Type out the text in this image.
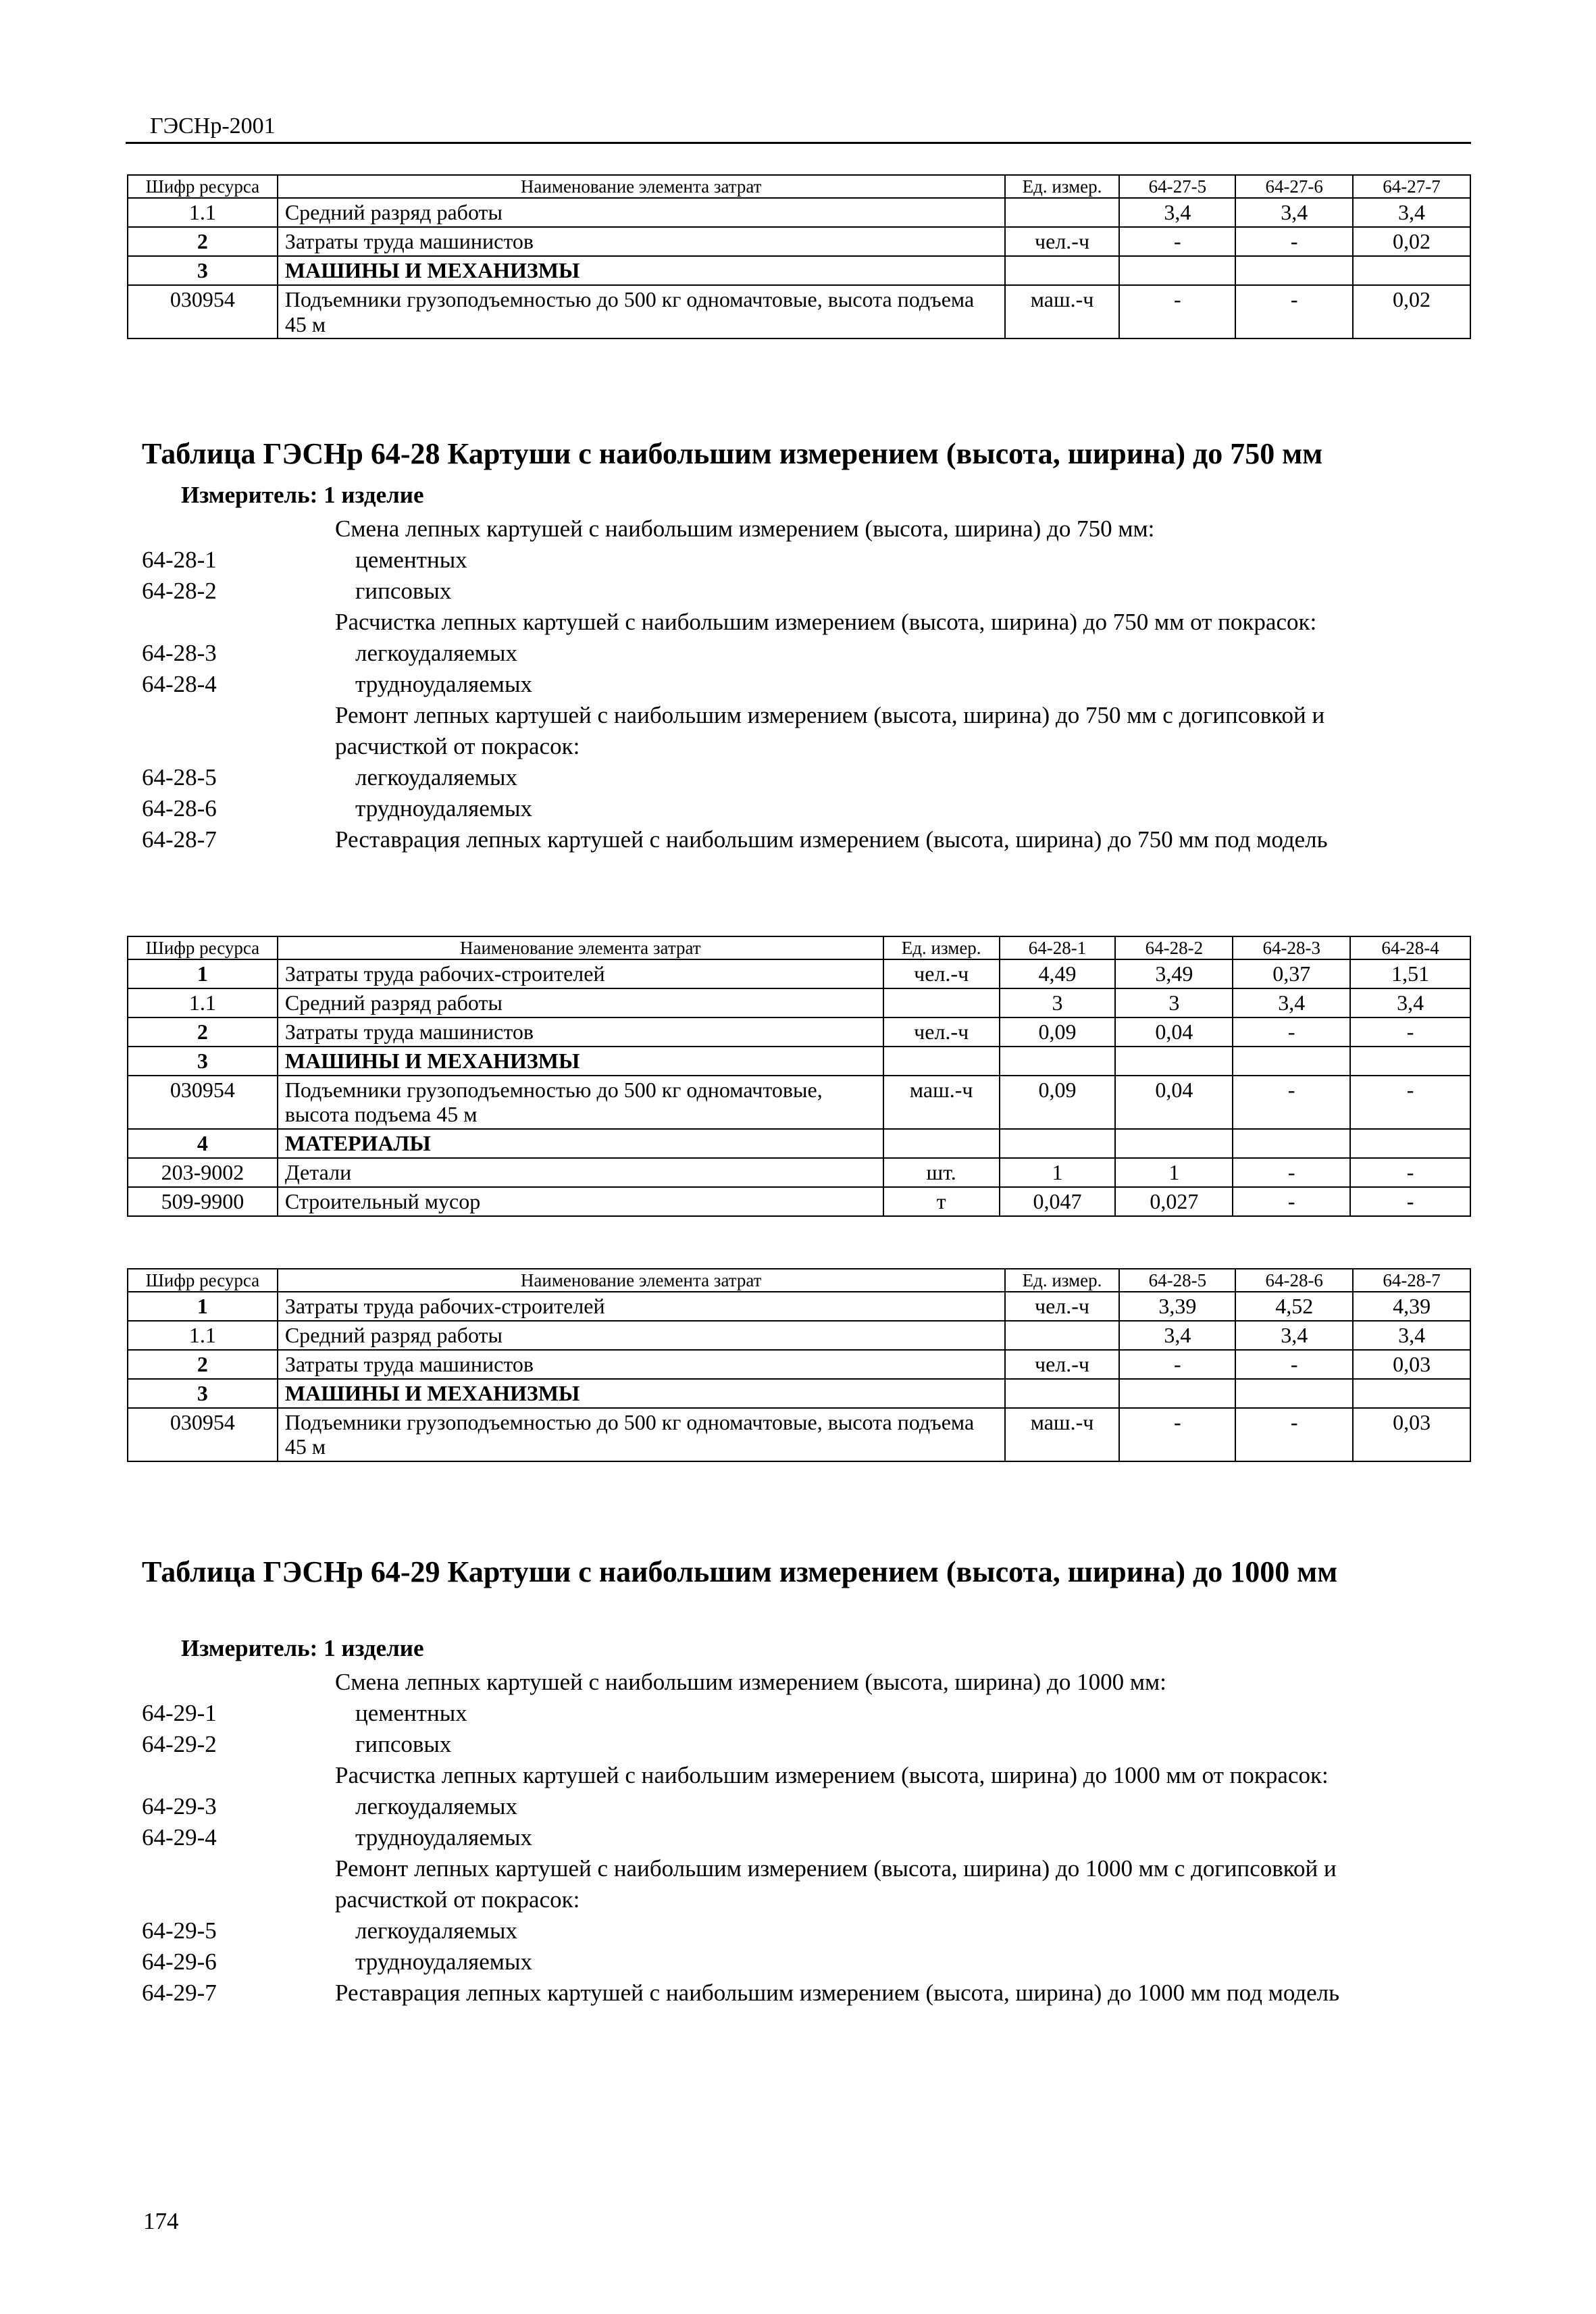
ГЭСНр-2001
Шифр ресурса	Наименование элемента затрат	Ед. измер.	64-27-5	64-27-6	64-27-7
1.1	Средний разряд работы		3,4	3,4	3,4
2	Затраты труда машинистов	чел.-ч	-	-	0,02
3	МАШИНЫ И МЕХАНИЗМЫ				
030954	Подъемники грузоподъемностью до 500 кг одномачтовые, высота подъема 45 м	маш.-ч	-	-	0,02
Таблица ГЭСНр 64-28 Картуши с наибольшим измерением (высота, ширина) до 750 мм
Измеритель: 1 изделие
Смена лепных картушей с наибольшим измерением (высота, ширина) до 750 мм:
64-28-1	цементных
64-28-2	гипсовых
Расчистка лепных картушей с наибольшим измерением (высота, ширина) до 750 мм от покрасок:
64-28-3	легкоудаляемых
64-28-4	трудноудаляемых
Ремонт лепных картушей с наибольшим измерением (высота, ширина) до 750 мм с догипсовкой и расчисткой от покрасок:
64-28-5	легкоудаляемых
64-28-6	трудноудаляемых
64-28-7	Реставрация лепных картушей с наибольшим измерением (высота, ширина) до 750 мм под модель
Шифр ресурса	Наименование элемента затрат	Ед. измер.	64-28-1	64-28-2	64-28-3	64-28-4
1	Затраты труда рабочих-строителей	чел.-ч	4,49	3,49	0,37	1,51
1.1	Средний разряд работы		3	3	3,4	3,4
2	Затраты труда машинистов	чел.-ч	0,09	0,04	-	-
3	МАШИНЫ И МЕХАНИЗМЫ					
030954	Подъемники грузоподъемностью до 500 кг одномачтовые, высота подъема 45 м	маш.-ч	0,09	0,04	-	-
4	МАТЕРИАЛЫ					
203-9002	Детали	шт.	1	1	-	-
509-9900	Строительный мусор	т	0,047	0,027	-	-
Шифр ресурса	Наименование элемента затрат	Ед. измер.	64-28-5	64-28-6	64-28-7
1	Затраты труда рабочих-строителей	чел.-ч	3,39	4,52	4,39
1.1	Средний разряд работы		3,4	3,4	3,4
2	Затраты труда машинистов	чел.-ч	-	-	0,03
3	МАШИНЫ И МЕХАНИЗМЫ				
030954	Подъемники грузоподъемностью до 500 кг одномачтовые, высота подъема 45 м	маш.-ч	-	-	0,03
Таблица ГЭСНр 64-29 Картуши с наибольшим измерением (высота, ширина) до 1000 мм
Измеритель: 1 изделие
Смена лепных картушей с наибольшим измерением (высота, ширина) до 1000 мм:
64-29-1	цементных
64-29-2	гипсовых
Расчистка лепных картушей с наибольшим измерением (высота, ширина) до 1000 мм от покрасок:
64-29-3	легкоудаляемых
64-29-4	трудноудаляемых
Ремонт лепных картушей с наибольшим измерением (высота, ширина) до 1000 мм с догипсовкой и расчисткой от покрасок:
64-29-5	легкоудаляемых
64-29-6	трудноудаляемых
64-29-7	Реставрация лепных картушей с наибольшим измерением (высота, ширина) до 1000 мм под модель
174
